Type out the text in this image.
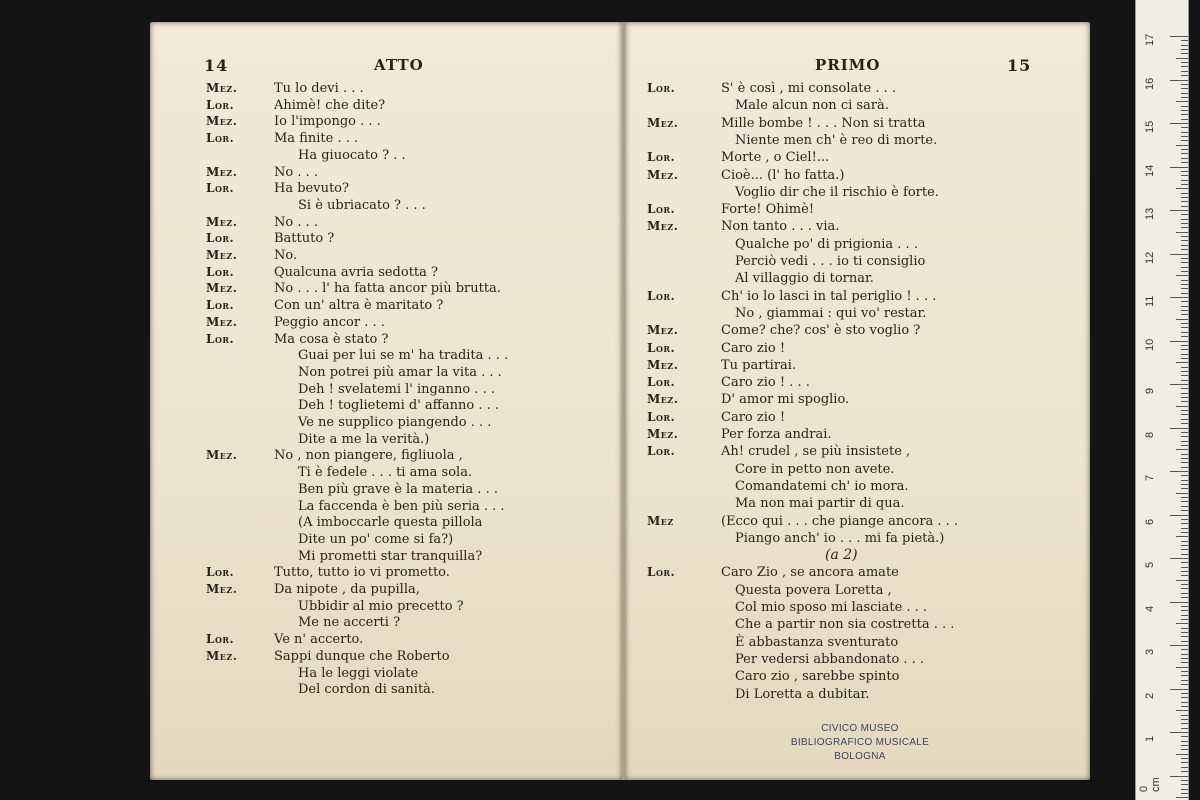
14	ATTO
Mez.	Tu lo devi . . .
Lor.	Ahimè! che dite?
Mez.	Io l'impongo . . .
Lor.	Ma finite . . .
Ha giuocato ? . .
Mez.	No . . .
Lor.	Ha bevuto?
Si è ubriacato ? . . .
Mez.	No . . .
Lor.	Battuto ?
Mez.	No.
Lor.	Qualcuna avria sedotta ?
Mez.	No . . . l' ha fatta ancor più brutta.
Lor.	Con un' altra è maritato ?
Mez.	Peggio ancor . . .
Lor.	Ma cosa è stato ?
Guai per lui se m' ha tradita . . .
Non potrei più amar la vita . . .
Deh ! svelatemi l' inganno . . .
Deh ! toglietemi d' affanno . . .
Ve ne supplico piangendo . . .
Dite a me la verità.)
Mez.	No , non piangere, figliuola ,
Ti è fedele . . . ti ama sola.
Ben più grave è la materia . . .
La faccenda è ben più seria . . .
(A imboccarle questa pillola
Dite un po' come si fa?)
Mi prometti star tranquilla?
Lor.	Tutto, tutto io vi prometto.
Mez.	Da nipote , da pupilla,
Ubbidir al mio precetto ?
Me ne accerti ?
Lor.	Ve n' accerto.
Mez.	Sappi dunque che Roberto
Ha le leggi violate
Del cordon di sanità.
PRIMO	15
Lor.	S' è così , mi consolate . . .
Male alcun non ci sarà.
Mez.	Mille bombe ! . . . Non si tratta
Niente men ch' è reo di morte.
Lor.	Morte , o Ciel!...
Mez.	Cioè... (l' ho fatta.)
Voglio dir che il rischio è forte.
Lor.	Forte! Ohimè!
Mez.	Non tanto . . . via.
Qualche po' di prigionia . . .
Perciò vedi . . . io ti consiglio
Al villaggio di tornar.
Lor.	Ch' io lo lasci in tal periglio ! . . .
No , giammai : qui vo' restar.
Mez.	Come? che? cos' è sto voglio ?
Lor.	Caro zio !
Mez.	Tu partirai.
Lor.	Caro zio ! . . .
Mez.	D' amor mi spoglio.
Lor.	Caro zio !
Mez.	Per forza andrai.
Lor.	Ah! crudel , se più insistete ,
Core in petto non avete.
Comandatemi ch' io mora.
Ma non mai partir di qua.
Mez	(Ecco qui . . . che piange ancora . . .
Piango anch' io . . . mi fa pietà.)
(a 2)
Lor.	Caro Zio , se ancora amate
Questa povera Loretta ,
Col mio sposo mi lasciate . . .
Che a partir non sia costretta . . .
È abbastanza sventurato
Per vedersi abbandonato . . .
Caro zio , sarebbe spinto
Di Loretta a dubitar.
CIVICO MUSEO
BIBLIOGRAFICO MUSICALE
BOLOGNA
17
16
15
14
13
12
11
10
9
8
7
6
5
4
3
2
1
0 cm
